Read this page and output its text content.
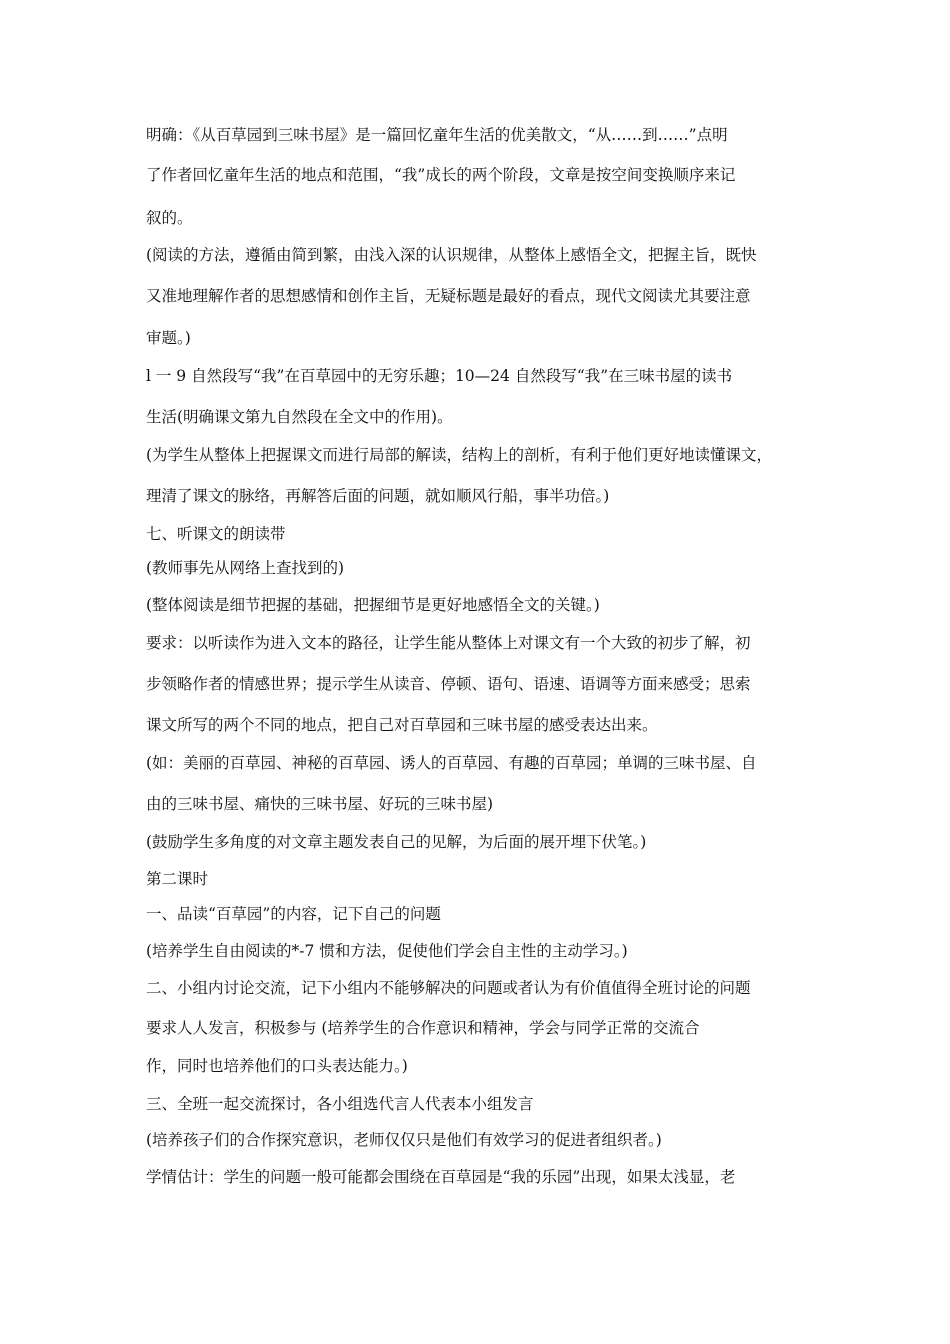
明确：《从百草园到三味书屋》是一篇回忆童年生活的优美散文，“从……到……”点明
了作者回忆童年生活的地点和范围，“我”成长的两个阶段，文章是按空间变换顺序来记
叙的。
(阅读的方法，遵循由简到繁，由浅入深的认识规律，从整体上感悟全文，把握主旨，既快
又准地理解作者的思想感情和创作主旨，无疑标题是最好的看点，现代文阅读尤其要注意
审题。)
l 一 9 自然段写“我”在百草园中的无穷乐趣；10—24 自然段写“我”在三味书屋的读书
生活(明确课文第九自然段在全文中的作用)。
(为学生从整体上把握课文而进行局部的解读，结构上的剖析，有利于他们更好地读懂课文，
理清了课文的脉络，再解答后面的问题，就如顺风行船，事半功倍。)
七、听课文的朗读带
(教师事先从网络上查找到的)
(整体阅读是细节把握的基础，把握细节是更好地感悟全文的关键。)
要求：以听读作为进入文本的路径，让学生能从整体上对课文有一个大致的初步了解，初
步领略作者的情感世界；提示学生从读音、停顿、语句、语速、语调等方面来感受；思索
课文所写的两个不同的地点，把自己对百草园和三味书屋的感受表达出来。
(如：美丽的百草园、神秘的百草园、诱人的百草园、有趣的百草园；单调的三味书屋、自
由的三味书屋、痛快的三味书屋、好玩的三味书屋)
(鼓励学生多角度的对文章主题发表自己的见解，为后面的展开埋下伏笔。)
第二课时
一、品读“百草园”的内容，记下自己的问题
(培养学生自由阅读的*-7 惯和方法，促使他们学会自主性的主动学习。)
二、小组内讨论交流，记下小组内不能够解决的问题或者认为有价值值得全班讨论的问题
要求人人发言，积极参与 (培养学生的合作意识和精神，学会与同学正常的交流合
作，同时也培养他们的口头表达能力。)
三、全班一起交流探讨，各小组选代言人代表本小组发言
(培养孩子们的合作探究意识，老师仅仅只是他们有效学习的促进者组织者。)
学情估计：学生的问题一般可能都会围绕在百草园是“我的乐园”出现，如果太浅显，老
